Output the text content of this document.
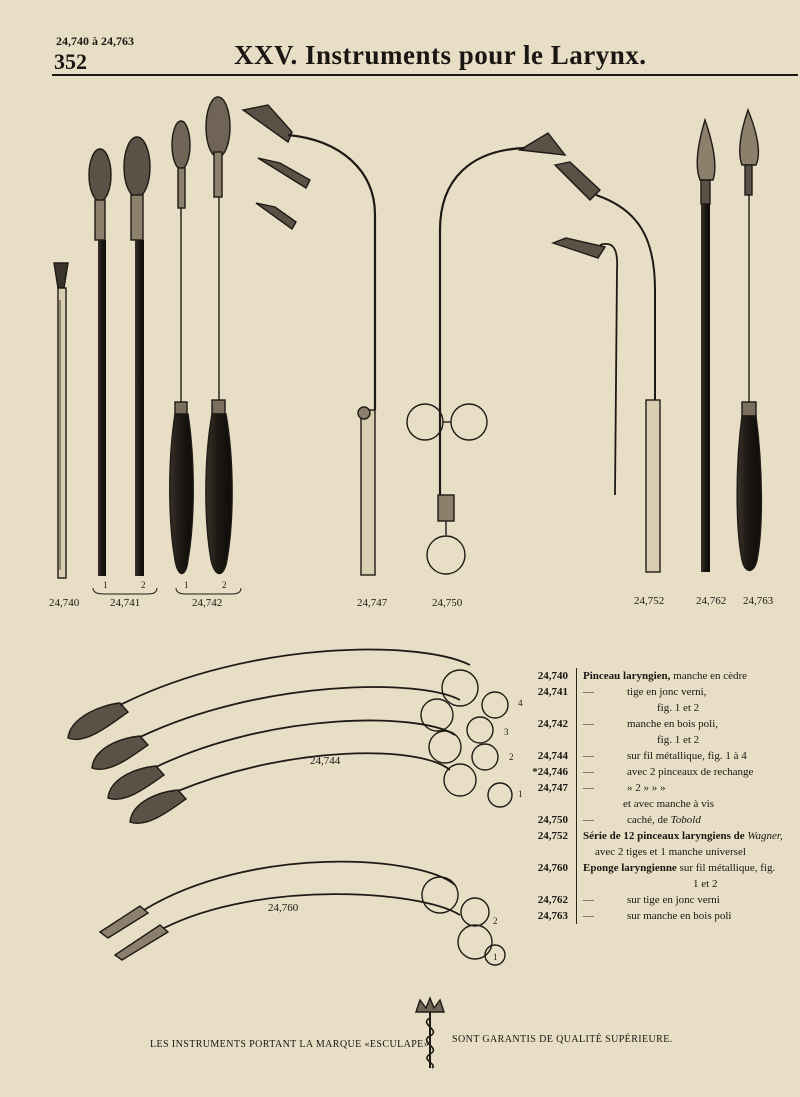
24,740 à 24,763
352	XXV. Instruments pour le Larynx.
24,740	24,741	24,742	24,747	24,750	24,752	24,762 24,763
24,744
24,760
1	2	1	2
4
3
2
1
2
1
24,740	Pinceau laryngien, manche en cèdre
24,741	—	tige en jonc verni,
fig. 1 et 2
24,742	—	manche en bois poli,
fig. 1 et 2
24,744	—	sur fil métallique, fig. 1 à 4
*24,746	—	avec 2 pinceaux de rechange
24,747	—	» 2 » » »
et avec manche à vis
24,750	—	caché, de Tobold
24,752	Série de 12 pinceaux laryngiens de Wagner,
avec 2 tiges et 1 manche universel
24,760	Eponge laryngienne sur fil métallique, fig.
1 et 2
24,762	—	sur tige en jonc verni
24,763	—	sur manche en bois poli
LES INSTRUMENTS PORTANT LA MARQUE «ESCULAPE» SONT GARANTIS DE QUALITÉ SUPÉRIEURE.
